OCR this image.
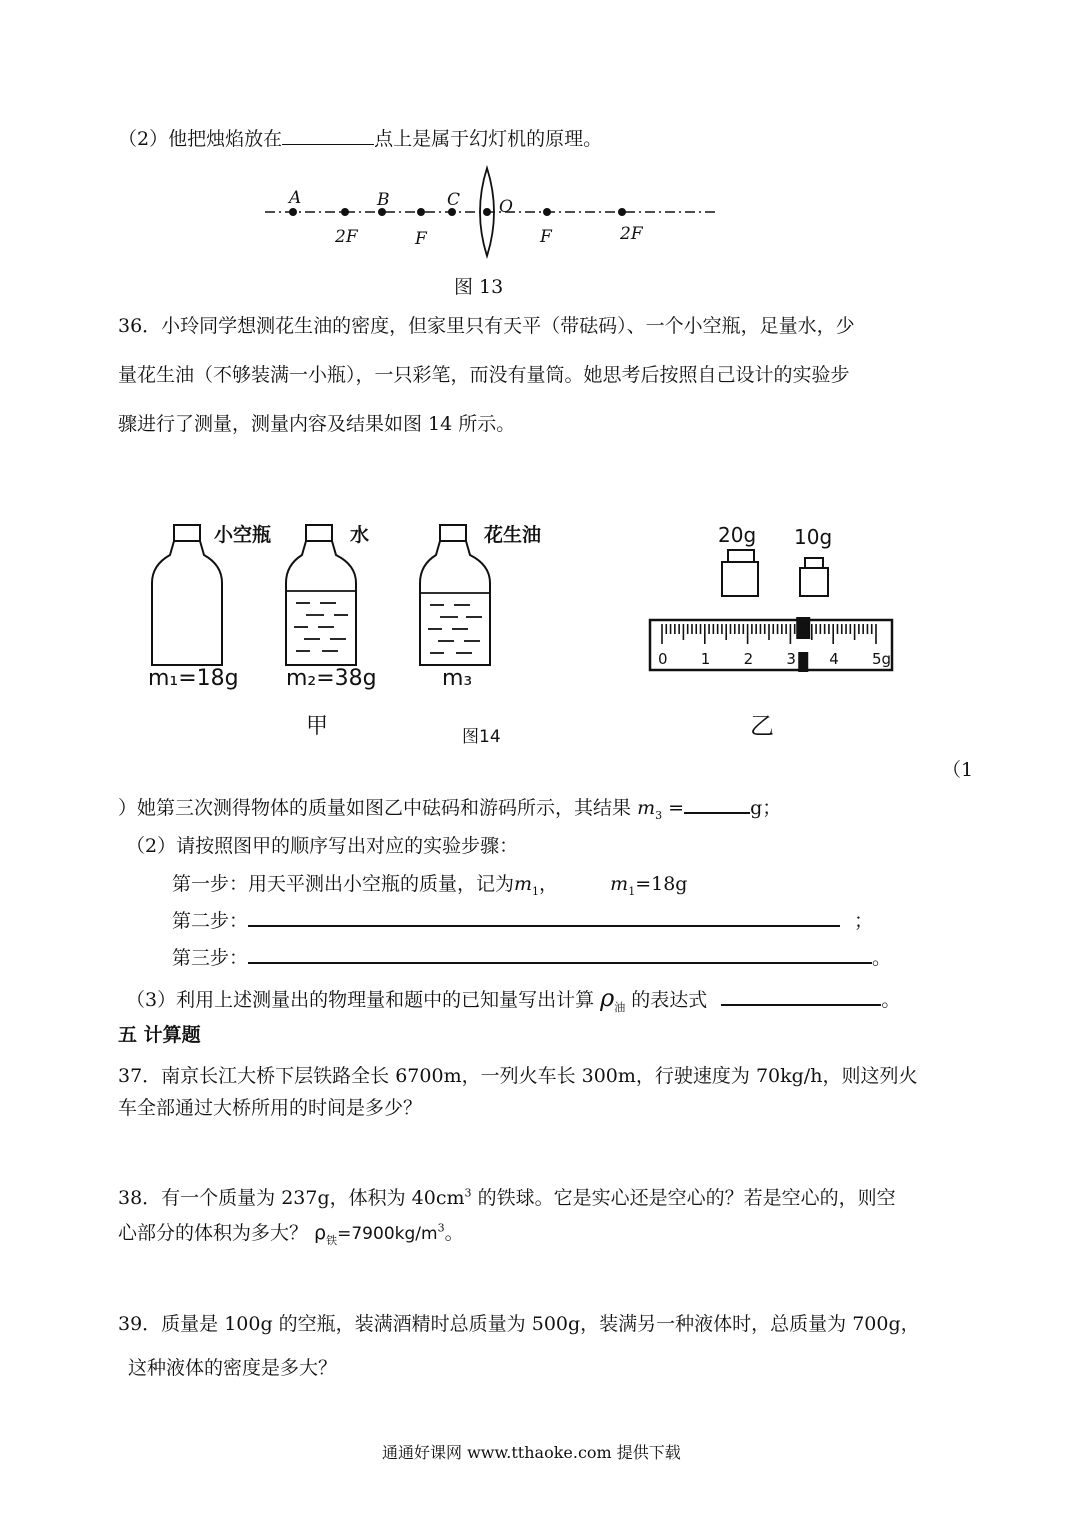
（2）他把烛焰放在	点上是属于幻灯机的原理。
A	B	C O
2F	F	F	2F
图 13
36．小玲同学想测花生油的密度，但家里只有天平（带砝码）、一个小空瓶，足量水，少
量花生油（不够装满一小瓶），一只彩笔，而没有量筒。她思考后按照自己设计的实验步
骤进行了测量，测量内容及结果如图 14 所示。
小空瓶	水	花生油
m₁=18g m₂=38g	m₃
甲	图14
20g 10g
0 1 2 3 4 5g
乙
（1
）她第三次测得物体的质量如图乙中砝码和游码所示，其结果 $m_3$ =	g；
（2）请按照图甲的顺序写出对应的实验步骤：
第一步：用天平测出小空瓶的质量，记为$m_1$，	$m_1=18g$
第二步：	；
第三步：	。
（3）利用上述测量出的物理量和题中的已知量写出计算 $\rho_油$ 的表达式	。
五 计算题
37．南京长江大桥下层铁路全长 6700m，一列火车长 300m，行驶速度为 70kg/h，则这列火
车全部通过大桥所用的时间是多少？
38．有一个质量为 237g，体积为 $40cm^3$ 的铁球。它是实心还是空心的？若是空心的，则空
心部分的体积为多大？ $\rho_铁=7900kg/m^3$。
39．质量是 100g 的空瓶，装满酒精时总质量为 500g，装满另一种液体时，总质量为 700g，
这种液体的密度是多大？
通通好课网 www.tthaoke.com 提供下载
